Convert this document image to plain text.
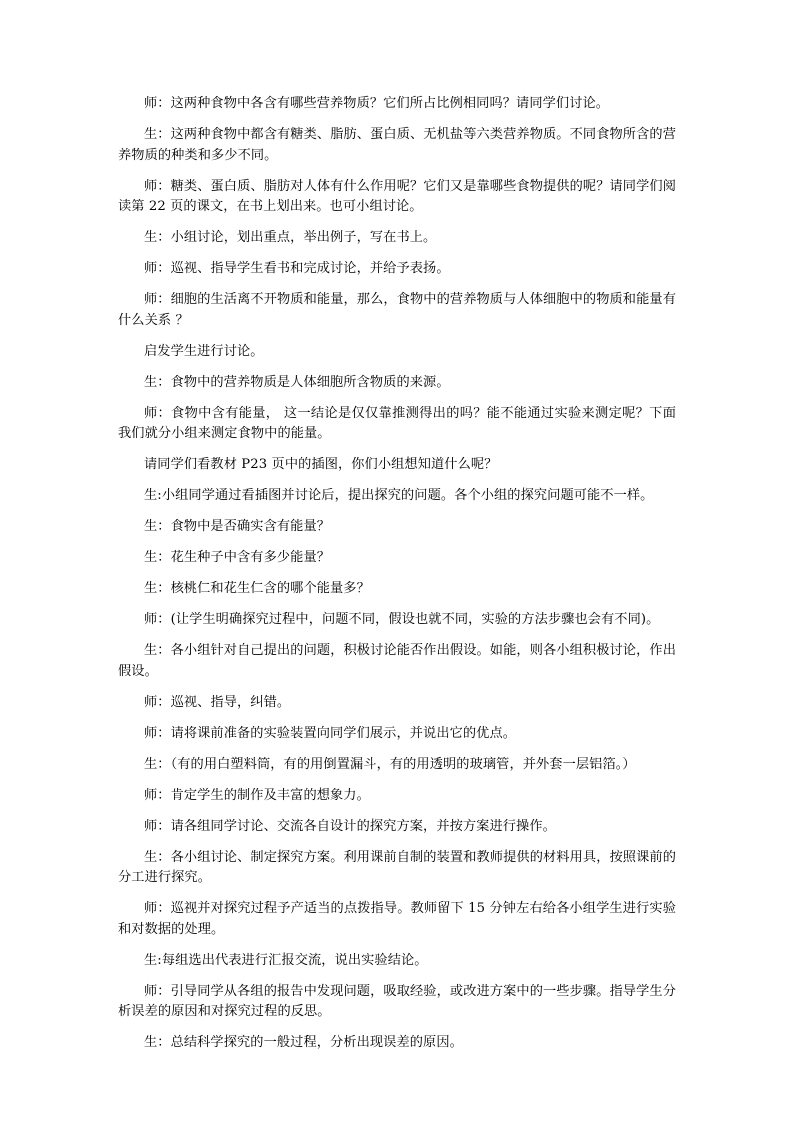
师：这两种食物中各含有哪些营养物质？它们所占比例相同吗？请同学们讨论。

生：这两种食物中都含有糖类、脂肪、蛋白质、无机盐等六类营养物质。不同食物所含的营养物质的种类和多少不同。

师：糖类、蛋白质、脂肪对人体有什么作用呢？它们又是靠哪些食物提供的呢？请同学们阅读第 22 页的课文，在书上划出来。也可小组讨论。

生：小组讨论，划出重点，举出例子，写在书上。

师：巡视、指导学生看书和完成讨论，并给予表扬。

师：细胞的生活离不开物质和能量，那么，食物中的营养物质与人体细胞中的物质和能量有什么关系 ？

启发学生进行讨论。

生：食物中的营养物质是人体细胞所含物质的来源。

师：食物中含有能量， 这一结论是仅仅靠推测得出的吗？能不能通过实验来测定呢？下面我们就分小组来测定食物中的能量。

请同学们看教材 P23 页中的插图，你们小组想知道什么呢？

生:小组同学通过看插图并讨论后，提出探究的问题。各个小组的探究问题可能不一样。

生：食物中是否确实含有能量？

生：花生种子中含有多少能量？

生：核桃仁和花生仁含的哪个能量多？

师：(让学生明确探究过程中，问题不同，假设也就不同，实验的方法步骤也会有不同)。

生：各小组针对自己提出的问题，积极讨论能否作出假设。如能，则各小组积极讨论，作出假设。

师：巡视、指导，纠错。

师：请将课前准备的实验装置向同学们展示，并说出它的优点。

生：（有的用白塑料筒，有的用倒置漏斗，有的用透明的玻璃管，并外套一层铝箔。）

师：肯定学生的制作及丰富的想象力。

师：请各组同学讨论、交流各自设计的探究方案，并按方案进行操作。

生：各小组讨论、制定探究方案。利用课前自制的装置和教师提供的材料用具，按照课前的分工进行探究。

师：巡视并对探究过程予产适当的点拨指导。教师留下 15 分钟左右给各小组学生进行实验和对数据的处理。

生:每组选出代表进行汇报交流，说出实验结论。

师：引导同学从各组的报告中发现问题，吸取经验，或改进方案中的一些步骤。指导学生分析误差的原因和对探究过程的反思。

生：总结科学探究的一般过程，分析出现误差的原因。
